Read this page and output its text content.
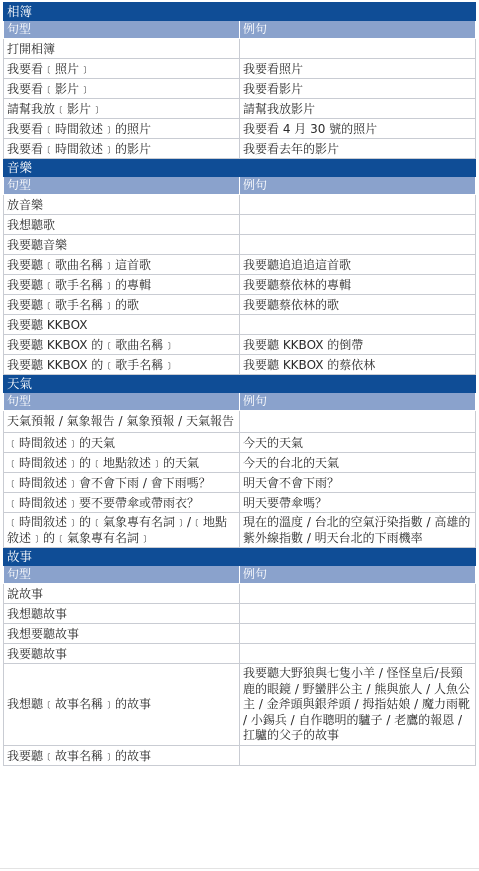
相簿	
句型	例句
打開相簿	
我要看﹝照片﹞	我要看照片
我要看﹝影片﹞	我要看影片
請幫我放﹝影片﹞	請幫我放影片
我要看﹝時間敘述﹞的照片	我要看 4 月 30 號的照片
我要看﹝時間敘述﹞的影片	我要看去年的影片
音樂	
句型	例句
放音樂	
我想聽歌	
我要聽音樂	
我要聽﹝歌曲名稱﹞這首歌	我要聽追追追這首歌
我要聽﹝歌手名稱﹞的專輯	我要聽蔡依林的專輯
我要聽﹝歌手名稱﹞的歌	我要聽蔡依林的歌
我要聽 KKBOX	
我要聽 KKBOX 的﹝歌曲名稱﹞	我要聽 KKBOX 的倒帶
我要聽 KKBOX 的﹝歌手名稱﹞	我要聽 KKBOX 的蔡依林
天氣	
句型	例句
天氣預報 / 氣象報告 / 氣象預報 / 天氣報告	
﹝時間敘述﹞的天氣	今天的天氣
﹝時間敘述﹞的﹝地點敘述﹞的天氣	今天的台北的天氣
﹝時間敘述﹞會不會下雨 / 會下雨嗎？	明天會不會下雨？
﹝時間敘述﹞要不要帶傘或帶雨衣？	明天要帶傘嗎？
﹝時間敘述﹞的﹝氣象專有名詞﹞/﹝地點敘述﹞的﹝氣象專有名詞﹞	現在的溫度 / 台北的空氣汙染指數 / 高雄的紫外線指數 / 明天台北的下雨機率
故事	
句型	例句
說故事	
我想聽故事	
我想要聽故事	
我要聽故事	
我想聽﹝故事名稱﹞的故事	我要聽大野狼與七隻小羊 / 怪怪皇后/長頸鹿的眼鏡 / 野蠻胖公主 / 熊與旅人 / 人魚公主 / 金斧頭與銀斧頭 / 拇指姑娘 / 魔力雨靴 / 小錫兵 / 自作聰明的驢子 / 老鷹的報恩 / 扛驢的父子的故事
我要聽﹝故事名稱﹞的故事	
